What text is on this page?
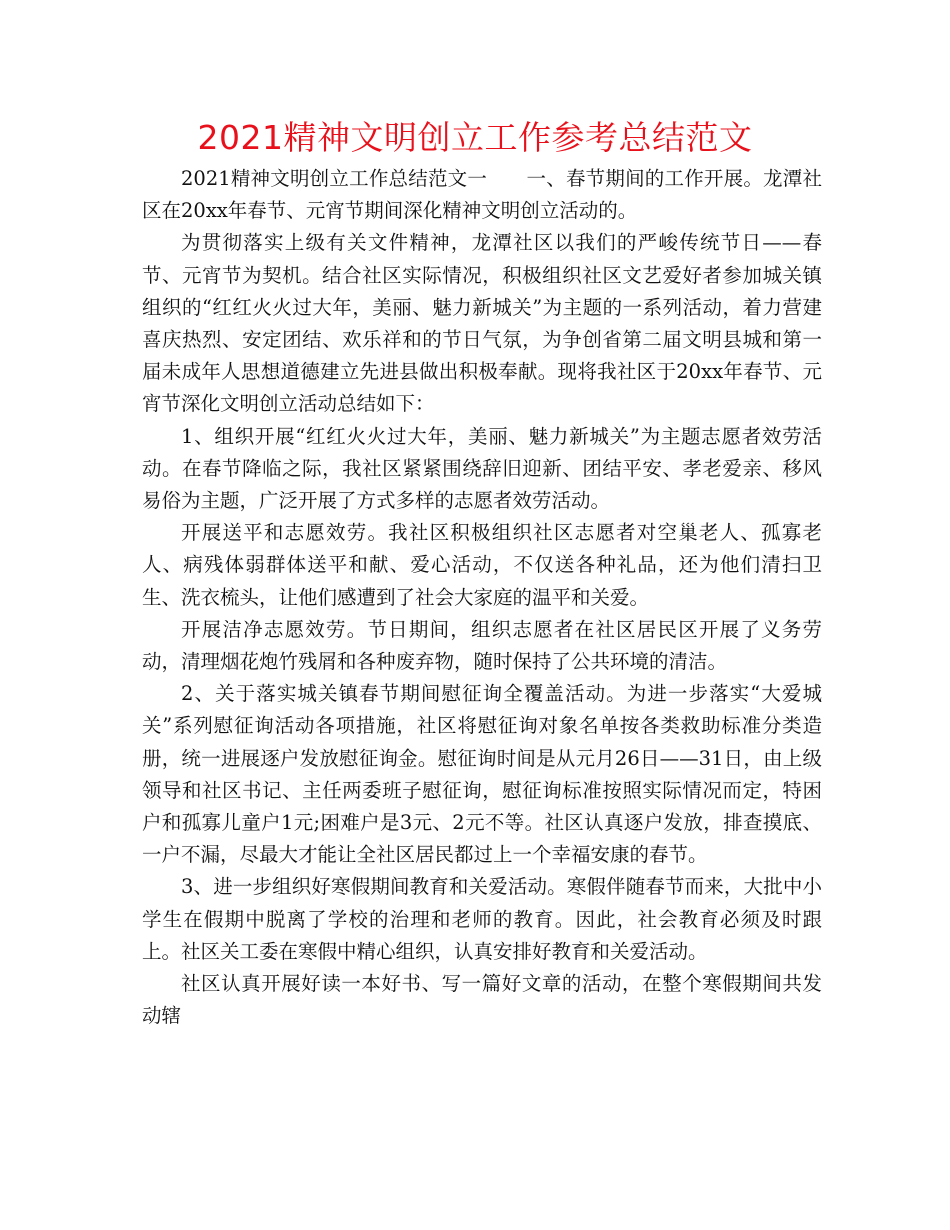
2021精神文明创立工作参考总结范文

2021精神文明创立工作总结范文一　　一、春节期间的工作开展。龙潭社区在20xx年春节、元宵节期间深化精神文明创立活动的。

为贯彻落实上级有关文件精神，龙潭社区以我们的严峻传统节日——春节、元宵节为契机。结合社区实际情况，积极组织社区文艺爱好者参加城关镇组织的“红红火火过大年，美丽、魅力新城关”为主题的一系列活动，着力营建喜庆热烈、安定团结、欢乐祥和的节日气氛，为争创省第二届文明县城和第一届未成年人思想道德建立先进县做出积极奉献。现将我社区于20xx年春节、元宵节深化文明创立活动总结如下：

1、组织开展“红红火火过大年，美丽、魅力新城关”为主题志愿者效劳活动。在春节降临之际，我社区紧紧围绕辞旧迎新、团结平安、孝老爱亲、移风易俗为主题，广泛开展了方式多样的志愿者效劳活动。

开展送平和志愿效劳。我社区积极组织社区志愿者对空巢老人、孤寡老人、病残体弱群体送平和献、爱心活动，不仅送各种礼品，还为他们清扫卫生、洗衣梳头，让他们感遭到了社会大家庭的温平和关爱。

开展洁净志愿效劳。节日期间，组织志愿者在社区居民区开展了义务劳动，清理烟花炮竹残屑和各种废弃物，随时保持了公共环境的清洁。

2、关于落实城关镇春节期间慰征询全覆盖活动。为进一步落实“大爱城关”系列慰征询活动各项措施，社区将慰征询对象名单按各类救助标准分类造册，统一进展逐户发放慰征询金。慰征询时间是从元月26日——31日，由上级领导和社区书记、主任两委班子慰征询，慰征询标准按照实际情况而定，特困户和孤寡儿童户1元;困难户是3元、2元不等。社区认真逐户发放，排查摸底、一户不漏，尽最大才能让全社区居民都过上一个幸福安康的春节。

3、进一步组织好寒假期间教育和关爱活动。寒假伴随春节而来，大批中小学生在假期中脱离了学校的治理和老师的教育。因此，社会教育必须及时跟上。社区关工委在寒假中精心组织，认真安排好教育和关爱活动。

社区认真开展好读一本好书、写一篇好文章的活动，在整个寒假期间共发动辖
